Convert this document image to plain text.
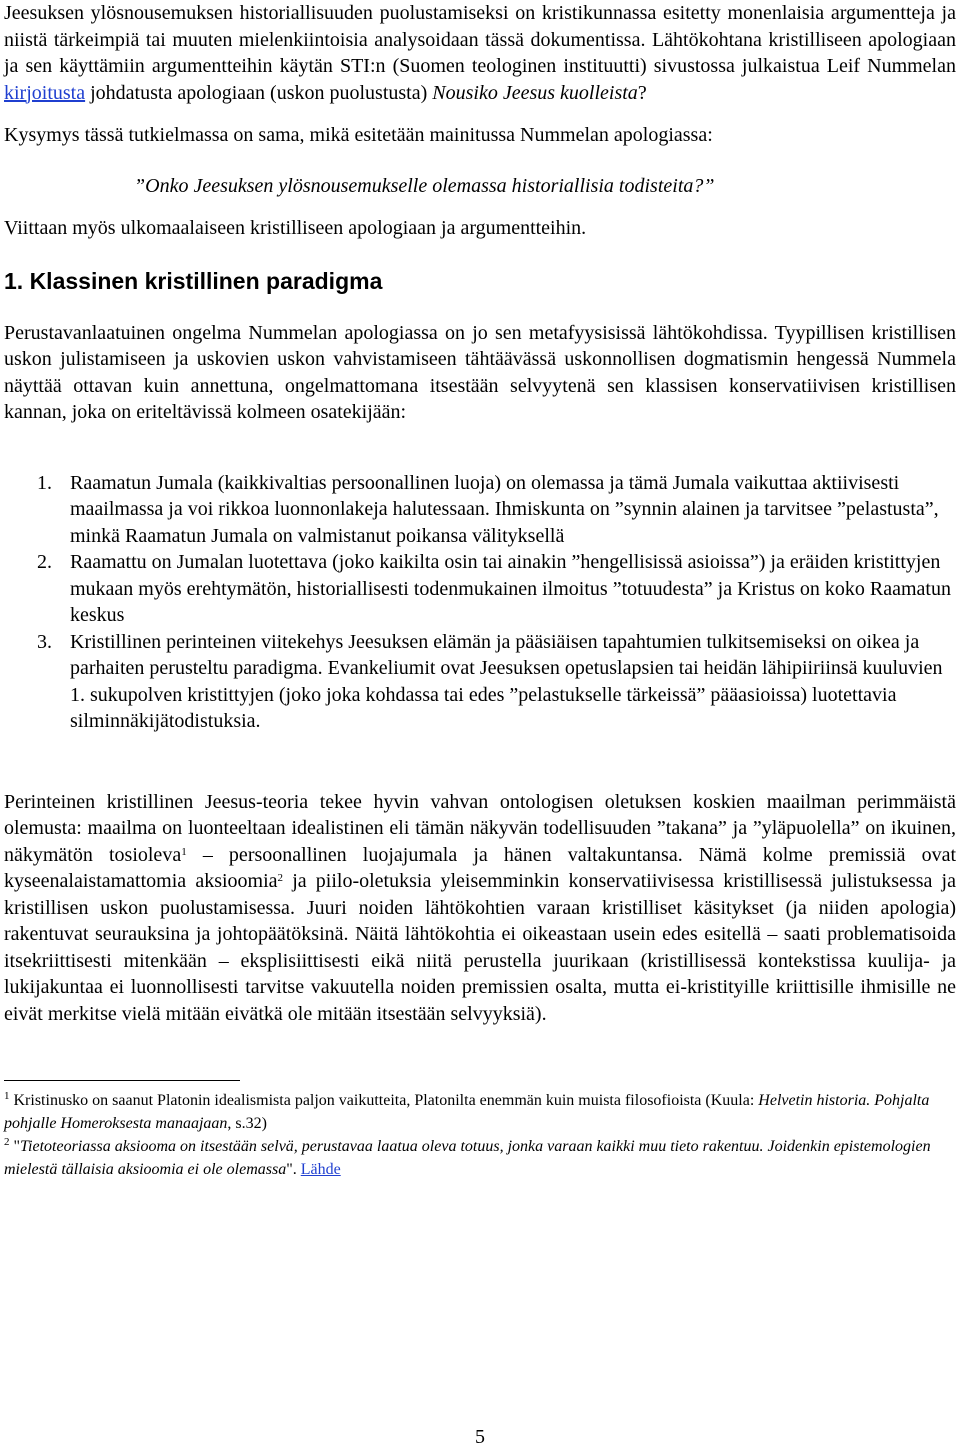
Jeesuksen ylösnousemuksen historiallisuuden puolustamiseksi on kristikunnassa esitetty monenlaisia argumentteja ja niistä tärkeimpiä tai muuten mielenkiintoisia analysoidaan tässä dokumentissa. Lähtökohtana kristilliseen apologiaan ja sen käyttämiin argumentteihin käytän STI:n (Suomen teologinen instituutti) sivustossa julkaistua Leif Nummelan kirjoitusta johdatusta apologiaan (uskon puolustusta) Nousiko Jeesus kuolleista?

Kysymys tässä tutkielmassa on sama, mikä esitetään mainitussa Nummelan apologiassa:

”Onko Jeesuksen ylösnousemukselle olemassa historiallisia todisteita?”

Viittaan myös ulkomaalaiseen kristilliseen apologiaan ja argumentteihin.

1. Klassinen kristillinen paradigma

Perustavanlaatuinen ongelma Nummelan apologiassa on jo sen metafyysisissä lähtökohdissa. Tyypillisen kristillisen uskon julistamiseen ja uskovien uskon vahvistamiseen tähtäävässä uskonnollisen dogmatismin hengessä Nummela näyttää ottavan kuin annettuna, ongelmattomana itsestään selvyytenä sen klassisen konservatiivisen kristillisen kannan, joka on eriteltävissä kolmeen osatekijään:

1. Raamatun Jumala (kaikkivaltias persoonallinen luoja) on olemassa ja tämä Jumala vaikuttaa aktiivisesti maailmassa ja voi rikkoa luonnonlakeja halutessaan. Ihmiskunta on ”synnin alainen ja tarvitsee ”pelastusta”, minkä Raamatun Jumala on valmistanut poikansa välityksellä
2. Raamattu on Jumalan luotettava (joko kaikilta osin tai ainakin ”hengellisissä asioissa”) ja eräiden kristittyjen mukaan myös erehtymätön, historiallisesti todenmukainen ilmoitus ”totuudesta” ja Kristus on koko Raamatun keskus
3. Kristillinen perinteinen viitekehys Jeesuksen elämän ja pääsiäisen tapahtumien tulkitsemiseksi on oikea ja parhaiten perusteltu paradigma. Evankeliumit ovat Jeesuksen opetuslapsien tai heidän lähipiiriinsä kuuluvien 1. sukupolven kristittyjen (joko joka kohdassa tai edes ”pelastukselle tärkeissä” pääasioissa) luotettavia silminnäkijätodistuksia.

Perinteinen kristillinen Jeesus-teoria tekee hyvin vahvan ontologisen oletuksen koskien maailman perimmäistä olemusta: maailma on luonteeltaan idealistinen eli tämän näkyvän todellisuuden ”takana” ja ”yläpuolella” on ikuinen, näkymätön tosioleva$^1$ – persoonallinen luojajumala ja hänen valtakuntansa. Nämä kolme premissiä ovat kyseenalaistamattomia aksioomia$^2$ ja piilo-oletuksia yleisemminkin konservatiivisessa kristillisessä julistuksessa ja kristillisen uskon puolustamisessa. Juuri noiden lähtökohtien varaan kristilliset käsitykset (ja niiden apologia) rakentuvat seurauksina ja johtopäätöksinä. Näitä lähtökohtia ei oikeastaan usein edes esitellä – saati problematisoida itsekriittisesti mitenkään – eksplisiittisesti eikä niitä perustella juurikaan (kristillisessä kontekstissa kuulija- ja lukijakuntaa ei luonnollisesti tarvitse vakuutella noiden premissien osalta, mutta ei-kristityille kriittisille ihmisille ne eivät merkitse vielä mitään eivätkä ole mitään itsestään selvyyksiä).

$^1$ Kristinusko on saanut Platonin idealismista paljon vaikutteita, Platonilta enemmän kuin muista filosofioista (Kuula: Helvetin historia. Pohjalta pohjalle Homeroksesta manaajaan, s.32)

$^2$ "Tietoteoriassa aksiooma on itsestään selvä, perustavaa laatua oleva totuus, jonka varaan kaikki muu tieto rakentuu. Joidenkin epistemologien mielestä tällaisia aksioomia ei ole olemassa". Lähde

5
